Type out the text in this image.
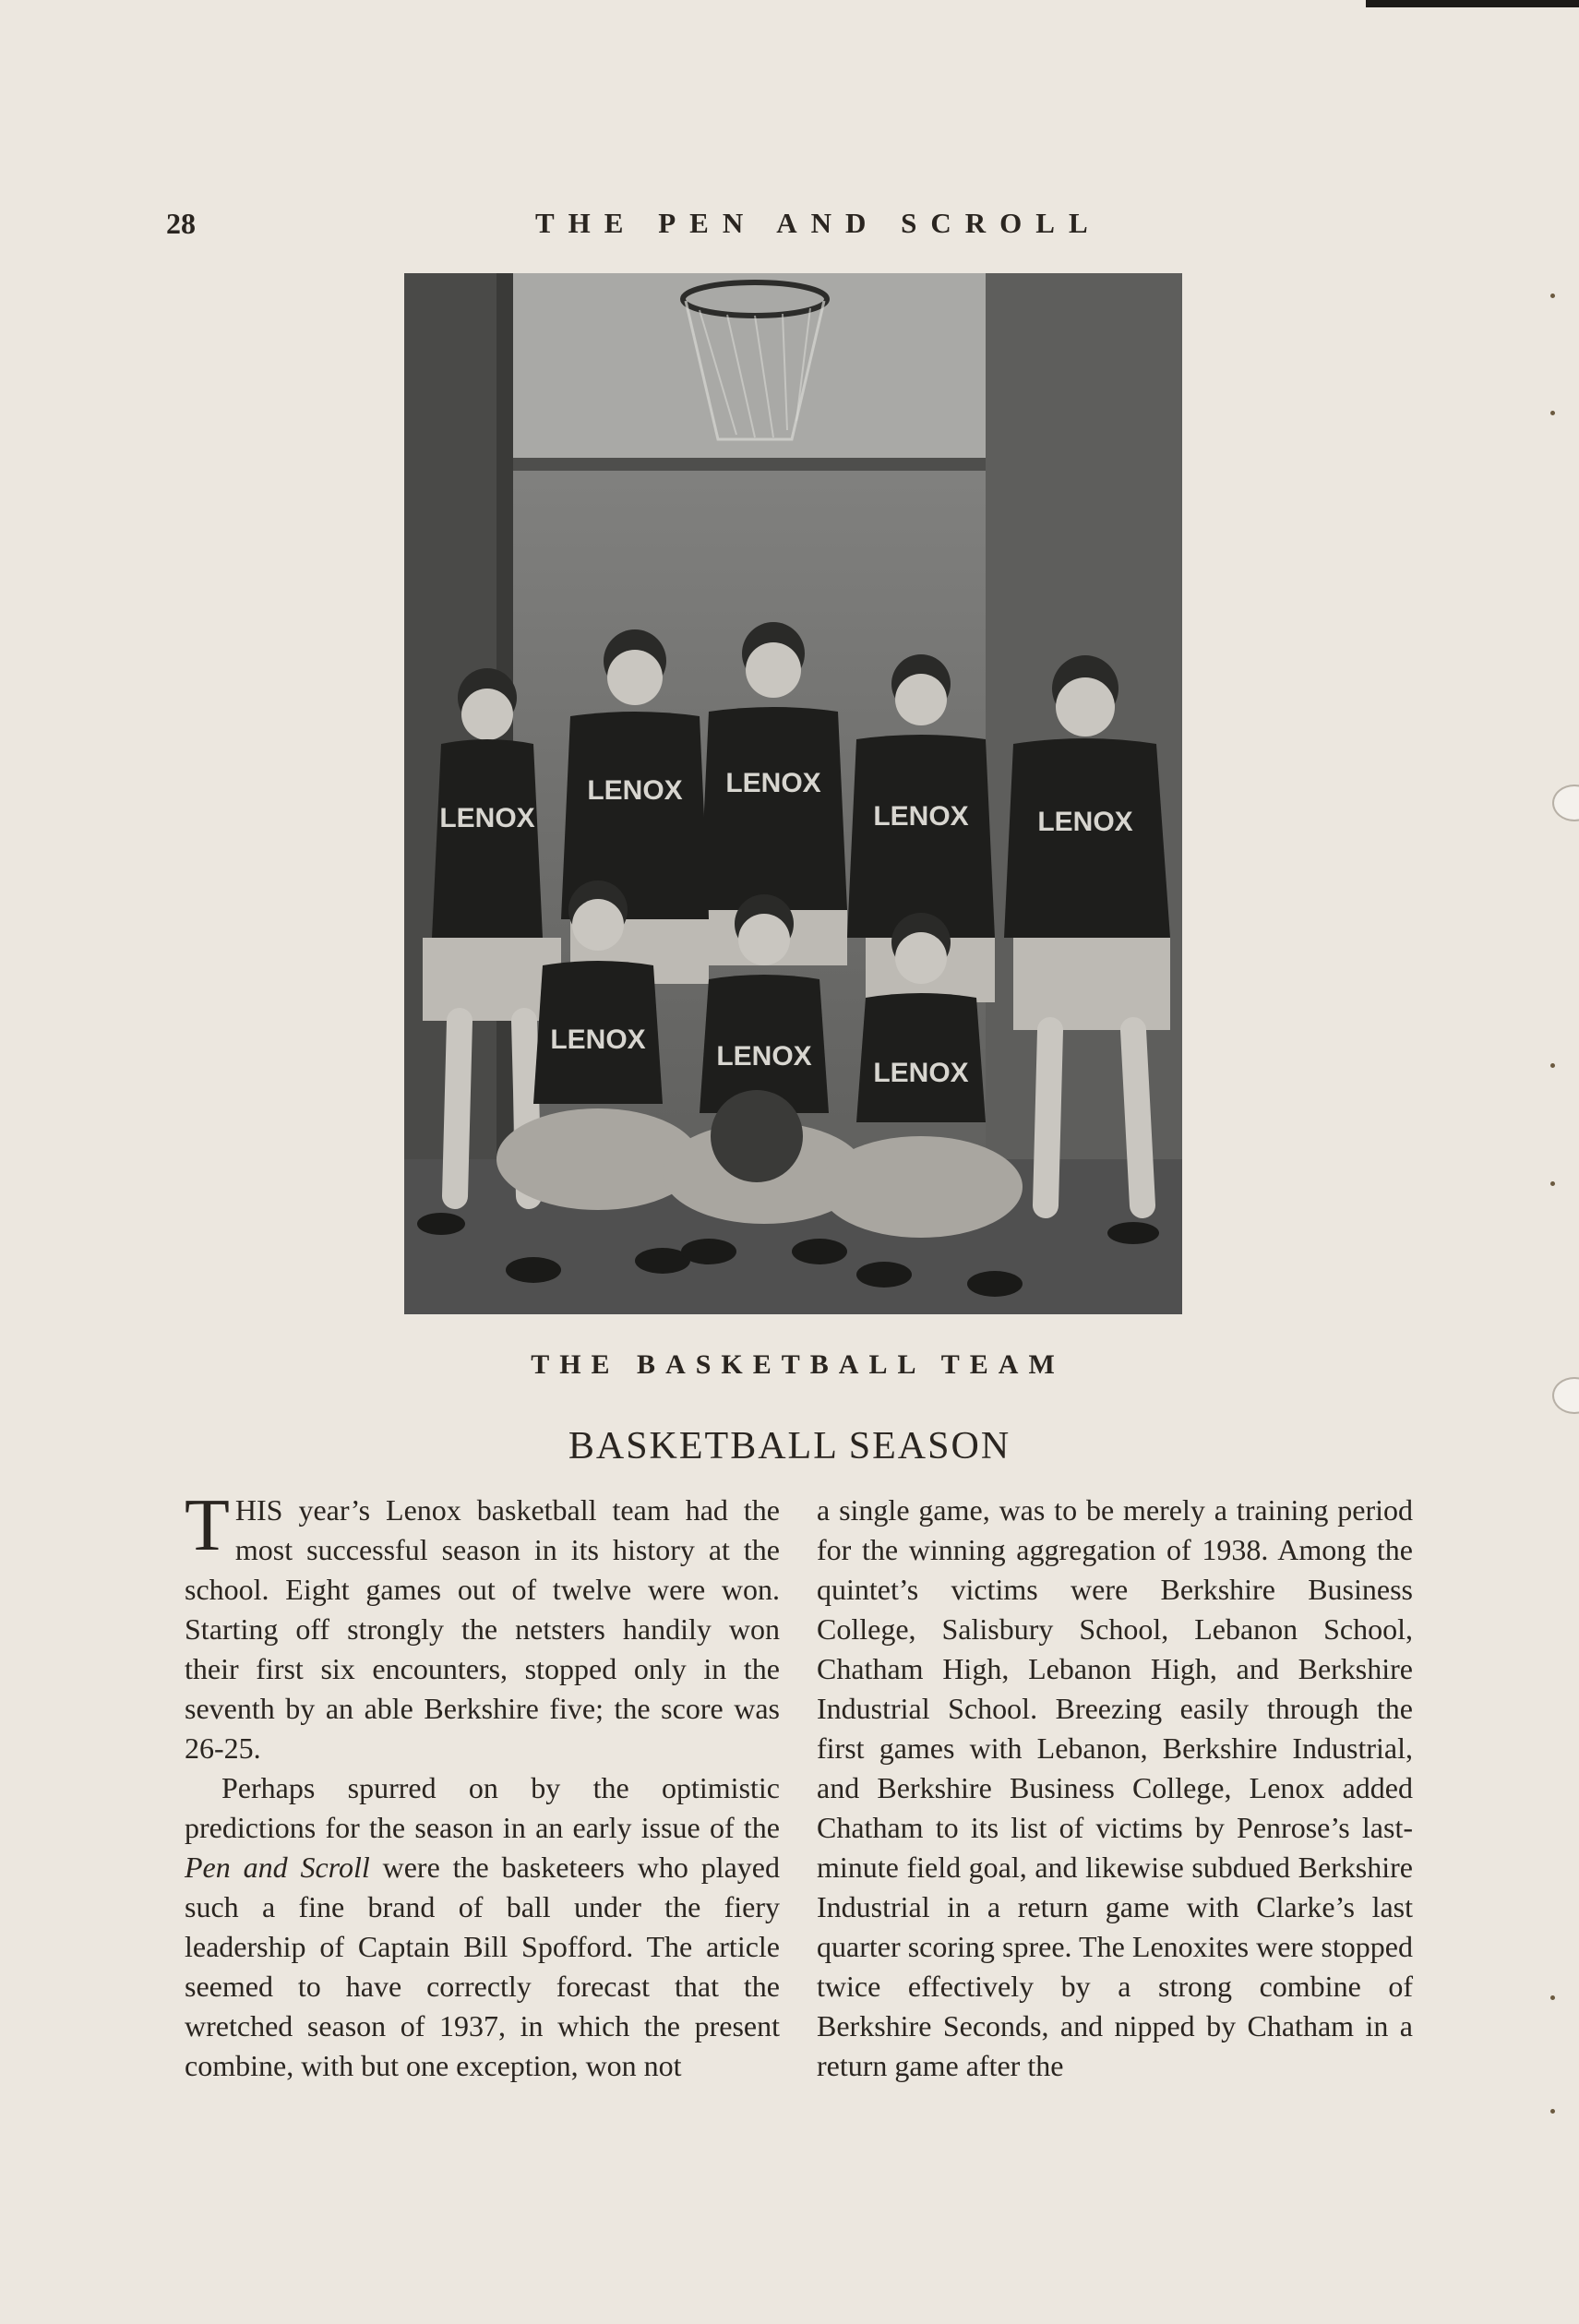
28	THE PEN AND SCROLL
LENOX
LENOX LENOX
LENOX LENOX
LENOX
LENOX
LENOX
THE BASKETBALL TEAM
BASKETBALL SEASON

THIS year’s Lenox basketball team had the most successful season in its history at the school. Eight games out of twelve were won. Starting off strongly the netsters handily won their first six encounters, stopped only in the seventh by an able Berkshire five; the score was 26-25.

Perhaps spurred on by the optimistic predictions for the season in an early issue of the Pen and Scroll were the basketeers who played such a fine brand of ball under the fiery leadership of Captain Bill Spofford. The article seemed to have correctly forecast that the wretched season of 1937, in which the present combine, with but one exception, won not

a single game, was to be merely a training period for the winning aggregation of 1938. Among the quintet’s victims were Berkshire Business College, Salisbury School, Lebanon School, Chatham High, Lebanon High, and Berkshire Industrial School. Breezing easily through the first games with Lebanon, Berkshire Industrial, and Berkshire Business College, Lenox added Chatham to its list of victims by Penrose’s last-minute field goal, and likewise subdued Berkshire Industrial in a return game with Clarke’s last quarter scoring spree. The Lenoxites were stopped twice effectively by a strong combine of Berkshire Seconds, and nipped by Chatham in a return game after the
